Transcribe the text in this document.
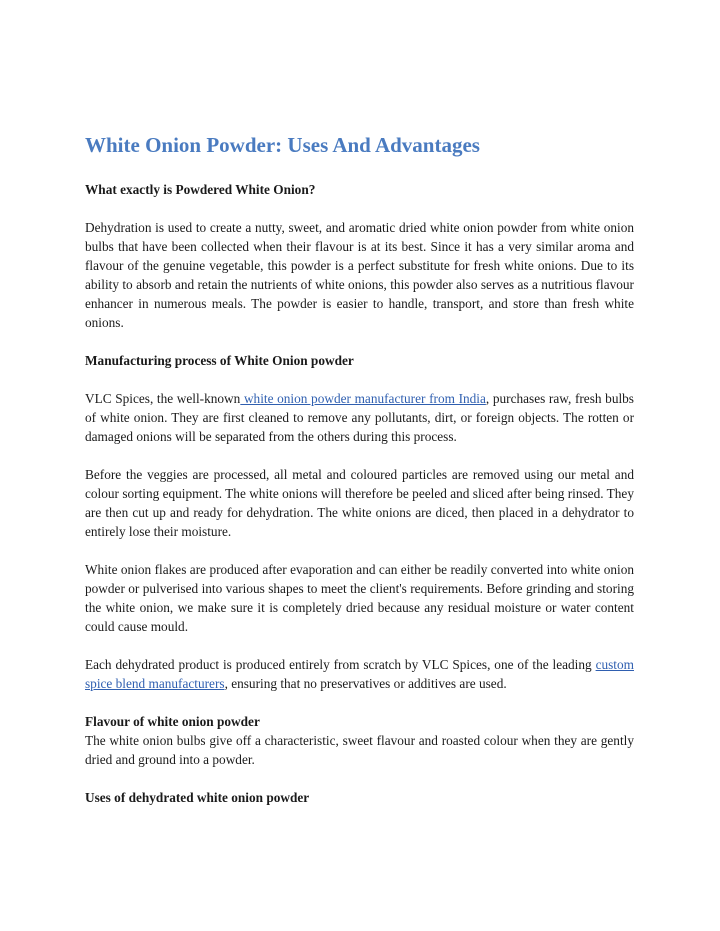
White Onion Powder: Uses And Advantages
What exactly is Powdered White Onion?

Dehydration is used to create a nutty, sweet, and aromatic dried white onion powder from white onion bulbs that have been collected when their flavour is at its best. Since it has a very similar aroma and flavour of the genuine vegetable, this powder is a perfect substitute for fresh white onions. Due to its ability to absorb and retain the nutrients of white onions, this powder also serves as a nutritious flavour enhancer in numerous meals. The powder is easier to handle, transport, and store than fresh white onions.

Manufacturing process of White Onion powder

VLC Spices, the well-known white onion powder manufacturer from India, purchases raw, fresh bulbs of white onion. They are first cleaned to remove any pollutants, dirt, or foreign objects. The rotten or damaged onions will be separated from the others during this process.

Before the veggies are processed, all metal and coloured particles are removed using our metal and colour sorting equipment. The white onions will therefore be peeled and sliced after being rinsed. They are then cut up and ready for dehydration. The white onions are diced, then placed in a dehydrator to entirely lose their moisture.

White onion flakes are produced after evaporation and can either be readily converted into white onion powder or pulverised into various shapes to meet the client's requirements. Before grinding and storing the white onion, we make sure it is completely dried because any residual moisture or water content could cause mould.

Each dehydrated product is produced entirely from scratch by VLC Spices, one of the leading custom spice blend manufacturers, ensuring that no preservatives or additives are used.

Flavour of white onion powder

The white onion bulbs give off a characteristic, sweet flavour and roasted colour when they are gently dried and ground into a powder.

Uses of dehydrated white onion powder
